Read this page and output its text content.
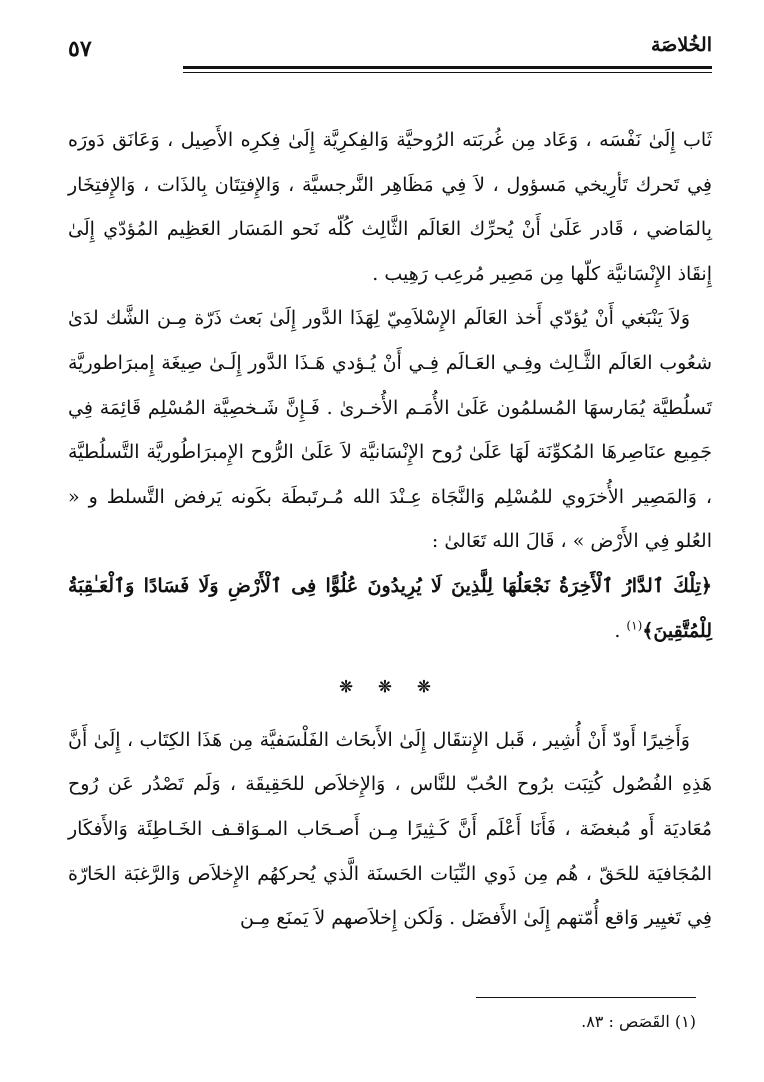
الخُلاصَة
٥٧

ثَاب إِلَىٰ نَفْسَه ، وَعَاد مِن غُربَته الرُوحيَّة وَالفِكرِيَّة إِلَىٰ فِكرِه الأَصِيل ، وَعَانَق دَورَه فِي تَحرك تَأرِيخي مَسؤول ، لاَ فِي مَظَاهِر النَّرجسيَّة ، وَالإِفتِتَان بِالذَات ، وَالإِفتِخَار بِالمَاضي ، قَادر عَلَىٰ أَنْ يُحرِّك العَالَم الثَّالِث كُلّه نَحو المَسَار العَظِيم المُؤدّي إِلَىٰ إِنقَاذ الإِنْسَانيَّة كلّها مِن مَصِير مُرعِب رَهِيب .

وَلاَ يَنْبَغي أَنْ يُؤدّي أَخذ العَالَم الإِسْلاَمِيّ لِهَذَا الدَّور إِلَىٰ بَعث ذَرّة مِـن الشَّك لدَىٰ شعُوب العَالَم الثَّـالِث وفِـي العَـالَم فِـي أَنْ يُـؤدي هَـذَا الدَّور إِلَـىٰ صِيغَة إِمبرَاطوريَّة تَسلُطيَّة يُمَارسهَا المُسلمُون عَلَىٰ الأُمَـم الأُخـرىٰ . فَـإِنَّ شَـخصِيَّة المُسْلِم قَائِمَة فِي جَمِيع عنَاصِرهَا المُكوِّنَة لَهَا عَلَىٰ رُوح الإِنْسَانيَّة لاَ عَلَىٰ الرُّوح الإِمبرَاطُوريَّة التَّسلُطيَّة ، وَالمَصِير الأُخرَوي للمُسْلِم وَالنَّجَاة عِـنْدَ الله مُـرتَبطَة بكَونه يَرفض التَّسلط و « العُلو فِي الأَرْض » ، قَالَ الله تَعَالىٰ :

﴿تِلْكَ ٱلدَّارُ ٱلْأَخِرَةُ نَجْعَلُهَا لِلَّذِينَ لَا يُرِيدُونَ عُلُوًّا فِى ٱلْأَرْضِ وَلَا فَسَادًا وَٱلْعَـٰقِبَةُ لِلْمُتَّقِينَ﴾$^{(١)}$ .

❊ ❊ ❊

وَأَخِيرًا أَودّ أَنْ أُشِير ، قَبل الإِنتقَال إِلَىٰ الأَبحَاث الفَلْسَفيَّة مِن هَذَا الكِتَاب ، إِلَىٰ أَنَّ هَذِهِ الفُصُول كُتِبَت برُوح الحُبّ للنَّاس ، وَالإِخلاَص للحَقِيقَة ، وَلَم تَصْدُر عَن رُوح مُعَاديَة أَو مُبغضَة ، فَأَنَا أَعْلَم أَنَّ كَـثِيرًا مِـن أَصـحَاب المـوَاقـف الخَـاطِئَة وَالأَفكَار المُجَافيَة للحَقّ ، هُم مِن ذَوي النِّيَات الحَسنَة الَّذي يُحركهُم الإِخلاَص وَالرَّغبَة الحَارّة فِي تَغيِير وَاقع أُمّتهم إِلَىٰ الأَفضَل . وَلَكن إِخلاَصهم لاَ يَمنَع مِـن

(١) القَصَص : ٨٣.
